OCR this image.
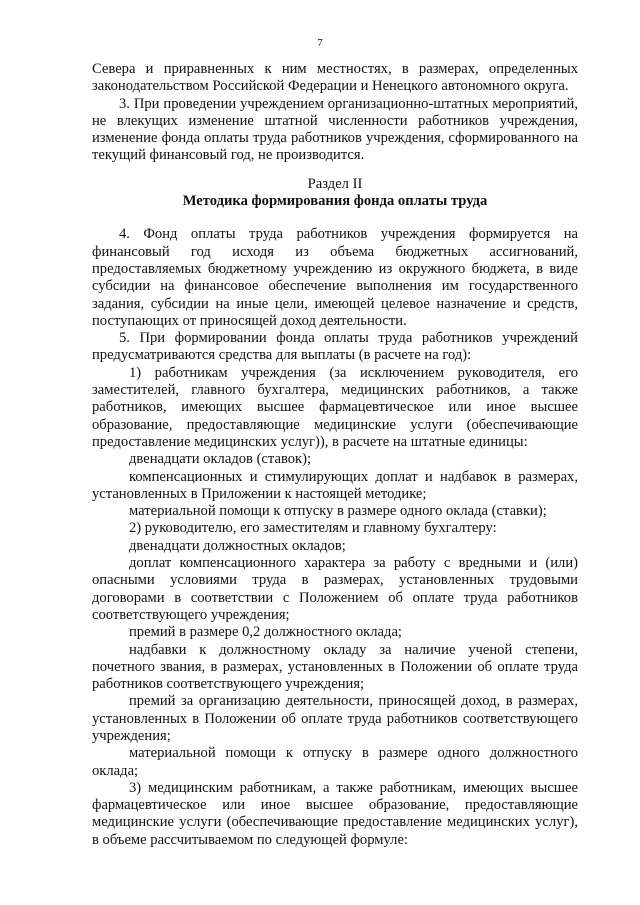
7

Севера и приравненных к ним местностях, в размерах, определенных законодательством Российской Федерации и Ненецкого автономного округа.

3. При проведении учреждением организационно-штатных мероприятий, не влекущих изменение штатной численности работников учреждения, изменение фонда оплаты труда работников учреждения, сформированного на текущий финансовый год, не производится.

Раздел II

Методика формирования фонда оплаты труда

4. Фонд оплаты труда работников учреждения формируется на финансовый год исходя из объема бюджетных ассигнований, предоставляемых бюджетному учреждению из окружного бюджета, в виде субсидии на финансовое обеспечение выполнения им государственного задания, субсидии на иные цели, имеющей целевое назначение и средств, поступающих от приносящей доход деятельности.

5. При формировании фонда оплаты труда работников учреждений предусматриваются средства для выплаты (в расчете на год):

1) работникам учреждения (за исключением руководителя, его заместителей, главного бухгалтера, медицинских работников, а также работников, имеющих высшее фармацевтическое или иное высшее образование, предоставляющие медицинские услуги (обеспечивающие предоставление медицинских услуг)), в расчете на штатные единицы:

двенадцати окладов (ставок);

компенсационных и стимулирующих доплат и надбавок в размерах, установленных в Приложении к настоящей методике;

материальной помощи к отпуску в размере одного оклада (ставки);

2) руководителю, его заместителям и главному бухгалтеру:

двенадцати должностных окладов;

доплат компенсационного характера за работу с вредными и (или) опасными условиями труда в размерах, установленных трудовыми договорами в соответствии с Положением об оплате труда работников соответствующего учреждения;

премий в размере 0,2 должностного оклада;

надбавки к должностному окладу за наличие ученой степени, почетного звания, в размерах, установленных в Положении об оплате труда работников соответствующего учреждения;

премий за организацию деятельности, приносящей доход, в размерах, установленных в Положении об оплате труда работников соответствующего учреждения;

материальной помощи к отпуску в размере одного должностного оклада;

3) медицинским работникам, а также работникам, имеющих высшее фармацевтическое или иное высшее образование, предоставляющие медицинские услуги (обеспечивающие предоставление медицинских услуг), в объеме рассчитываемом по следующей формуле:
